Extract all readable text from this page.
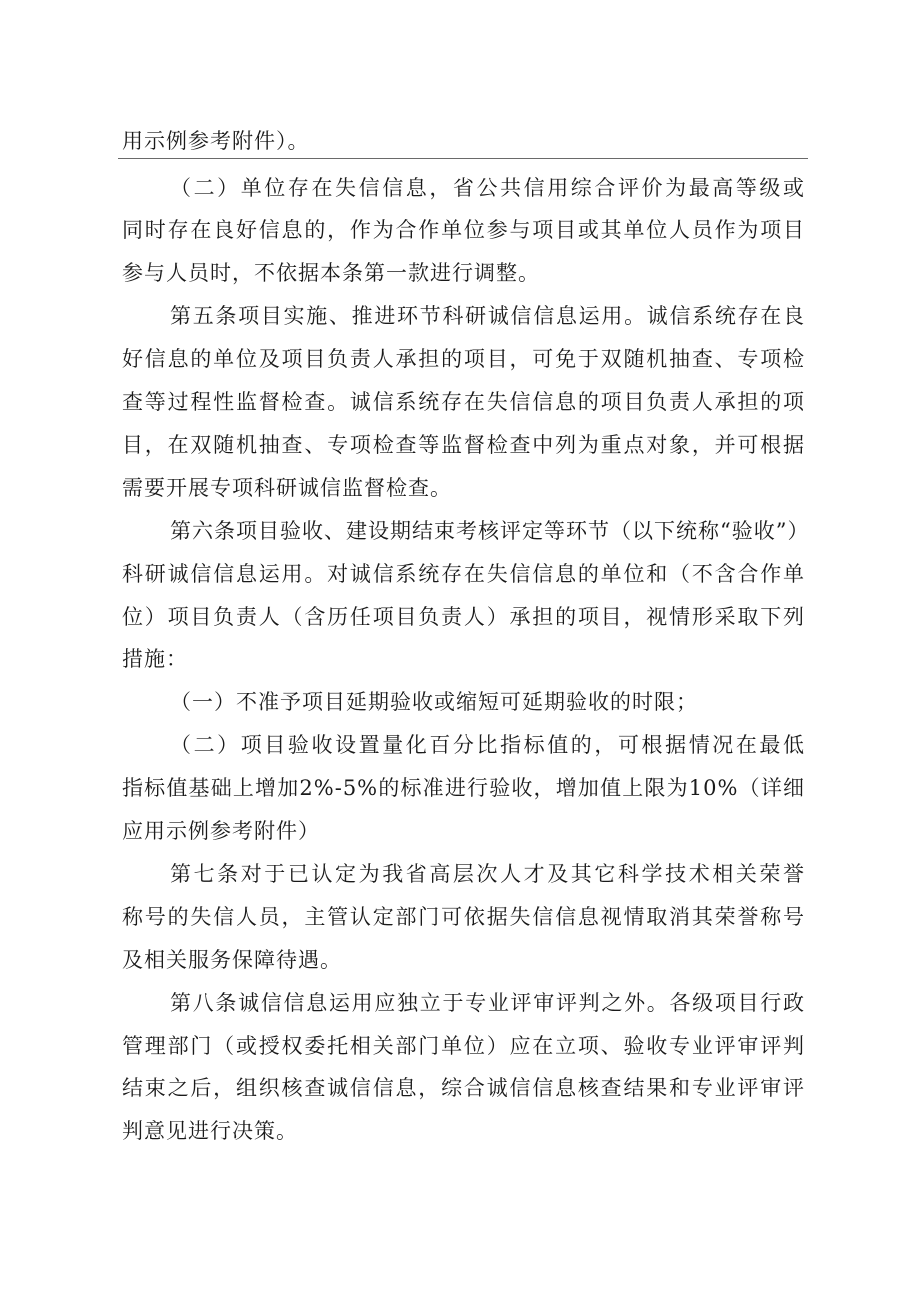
用示例参考附件）。
（二）单位存在失信信息，省公共信用综合评价为最高等级或
同时存在良好信息的，作为合作单位参与项目或其单位人员作为项目
参与人员时，不依据本条第一款进行调整。
第五条项目实施、推进环节科研诚信信息运用。诚信系统存在良
好信息的单位及项目负责人承担的项目，可免于双随机抽查、专项检
查等过程性监督检查。诚信系统存在失信信息的项目负责人承担的项
目，在双随机抽查、专项检查等监督检查中列为重点对象，并可根据
需要开展专项科研诚信监督检查。
第六条项目验收、建设期结束考核评定等环节（以下统称“验收”）
科研诚信信息运用。对诚信系统存在失信信息的单位和（不含合作单
位）项目负责人（含历任项目负责人）承担的项目，视情形采取下列
措施：
（一）不准予项目延期验收或缩短可延期验收的时限；
（二）项目验收设置量化百分比指标值的，可根据情况在最低
指标值基础上增加2%-5%的标准进行验收，增加值上限为10%（详细
应用示例参考附件）
第七条对于已认定为我省高层次人才及其它科学技术相关荣誉
称号的失信人员，主管认定部门可依据失信信息视情取消其荣誉称号
及相关服务保障待遇。
第八条诚信信息运用应独立于专业评审评判之外。各级项目行政
管理部门（或授权委托相关部门单位）应在立项、验收专业评审评判
结束之后，组织核查诚信信息，综合诚信信息核查结果和专业评审评
判意见进行决策。
